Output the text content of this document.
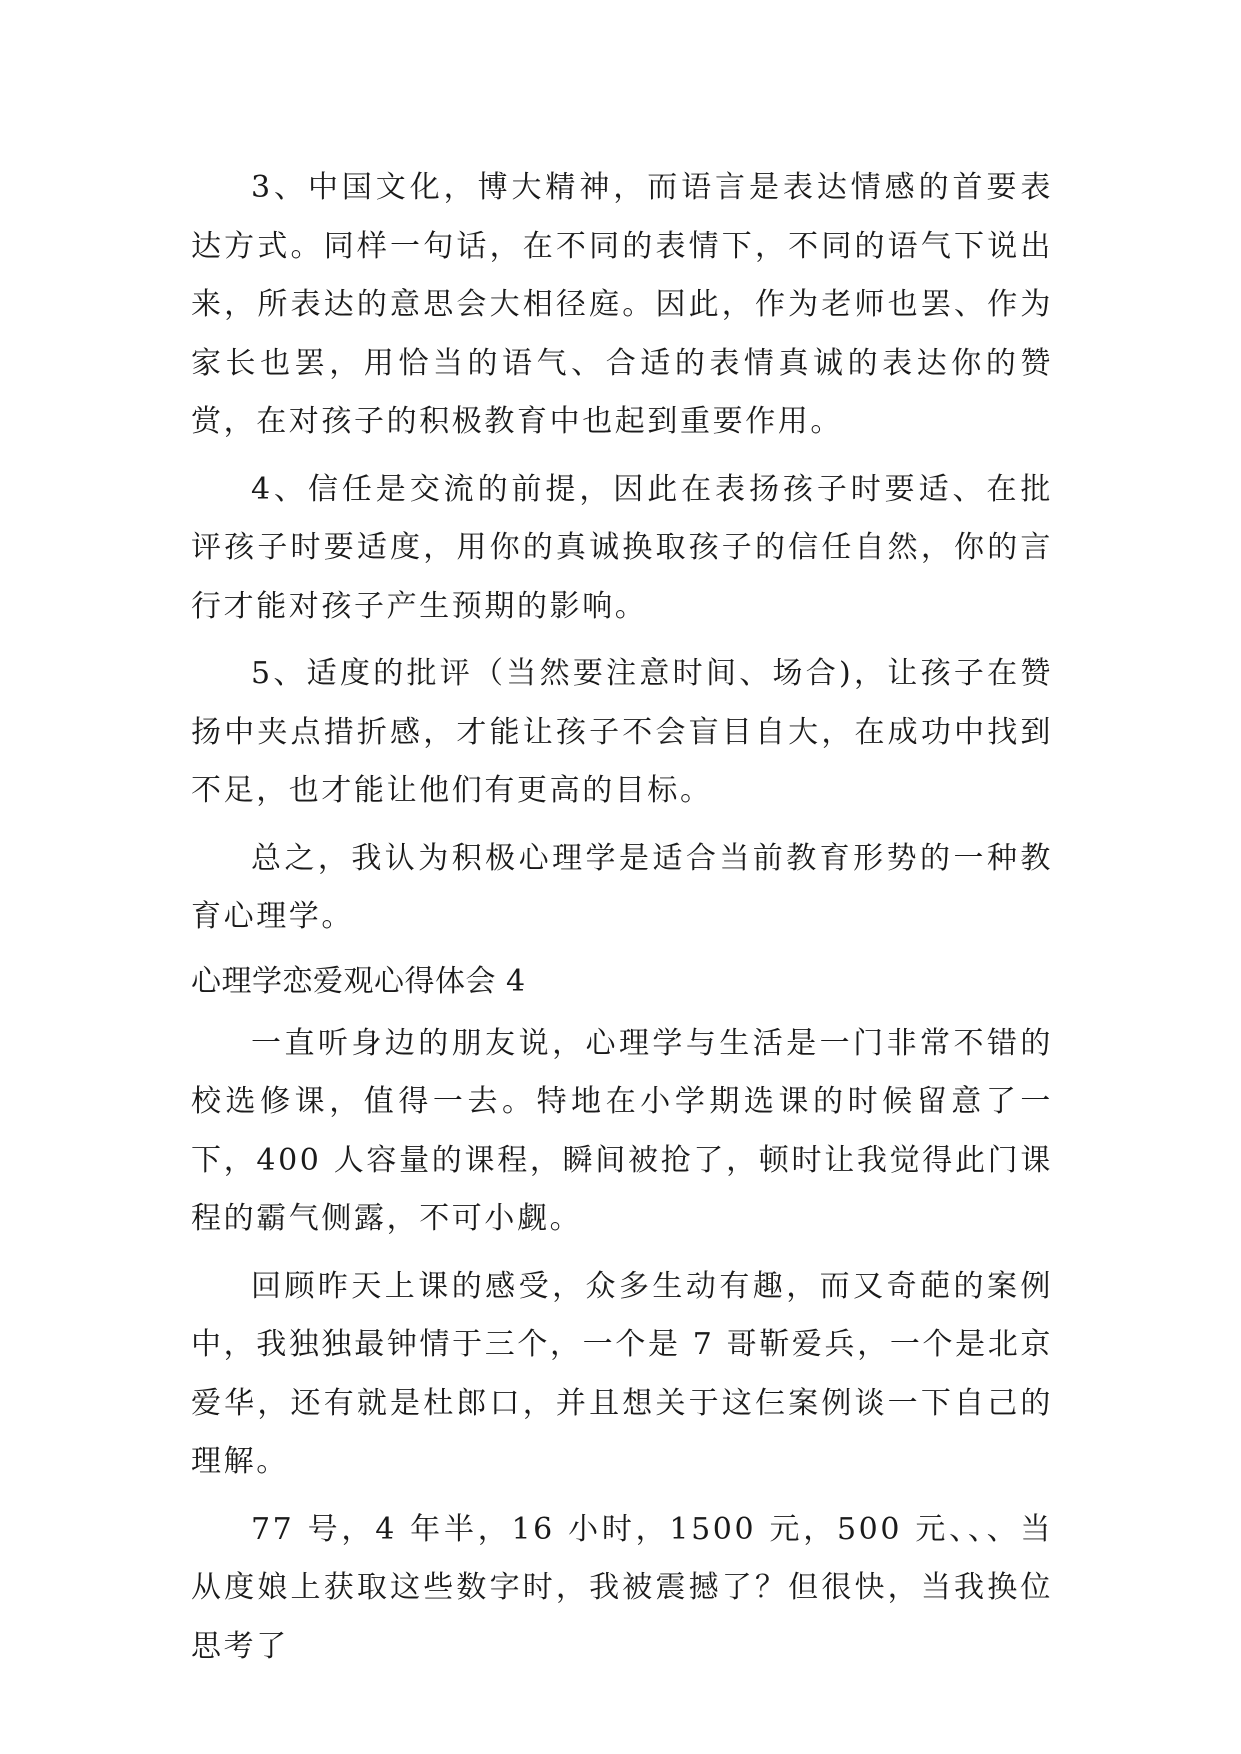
3、中国文化，博大精神，而语言是表达情感的首要表达方式。同样一句话，在不同的表情下，不同的语气下说出来，所表达的意思会大相径庭。因此，作为老师也罢、作为家长也罢，用恰当的语气、合适的表情真诚的表达你的赞赏，在对孩子的积极教育中也起到重要作用。

4、信任是交流的前提，因此在表扬孩子时要适、在批评孩子时要适度，用你的真诚换取孩子的信任自然，你的言行才能对孩子产生预期的影响。

5、适度的批评（当然要注意时间、场合)，让孩子在赞扬中夹点措折感，才能让孩子不会盲目自大，在成功中找到不足，也才能让他们有更高的目标。

总之，我认为积极心理学是适合当前教育形势的一种教育心理学。

心理学恋爱观心得体会 4

一直听身边的朋友说，心理学与生活是一门非常不错的校选修课，值得一去。特地在小学期选课的时候留意了一下，400 人容量的课程，瞬间被抢了，顿时让我觉得此门课程的霸气侧露，不可小觑。

回顾昨天上课的感受，众多生动有趣，而又奇葩的案例中，我独独最钟情于三个，一个是 7 哥靳爱兵，一个是北京爱华，还有就是杜郎口，并且想关于这仨案例谈一下自己的理解。

77 号，4 年半，16 小时，1500 元，500 元、、、当从度娘上获取这些数字时，我被震撼了？但很快，当我换位思考了
